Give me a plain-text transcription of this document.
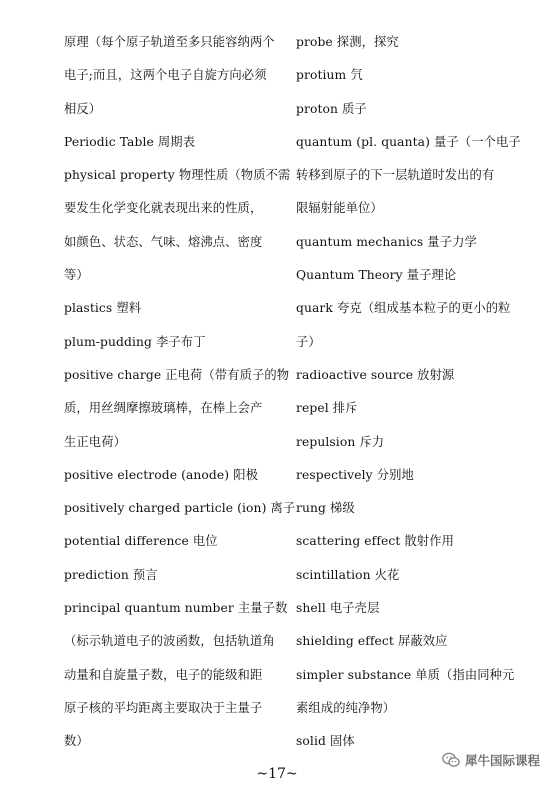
原理（每个原子轨道至多只能容纳两个
电子;而且，这两个电子自旋方向必须
相反）
Periodic Table 周期表
physical property 物理性质（物质不需
要发生化学变化就表现出来的性质，
如颜色、状态、气味、熔沸点、密度
等）
plastics 塑料
plum-pudding 李子布丁
positive charge 正电荷（带有质子的物
质，用丝绸摩擦玻璃棒，在棒上会产
生正电荷）
positive electrode (anode) 阳极
positively charged particle (ion) 离子
potential difference 电位
prediction 预言
principal quantum number 主量子数
（标示轨道电子的波函数，包括轨道角
动量和自旋量子数，电子的能级和距
原子核的平均距离主要取决于主量子
数）
probe 探测，探究
protium 氕
proton 质子
quantum (pl. quanta) 量子（一个电子
转移到原子的下一层轨道时发出的有
限辐射能单位）
quantum mechanics 量子力学
Quantum Theory 量子理论
quark 夸克（组成基本粒子的更小的粒
子）
radioactive source 放射源
repel 排斥
repulsion 斥力
respectively 分别地
rung 梯级
scattering effect 散射作用
scintillation 火花
shell 电子壳层
shielding effect 屏蔽效应
simpler substance 单质（指由同种元
素组成的纯净物）
solid 固体
~17~
犀牛国际课程
